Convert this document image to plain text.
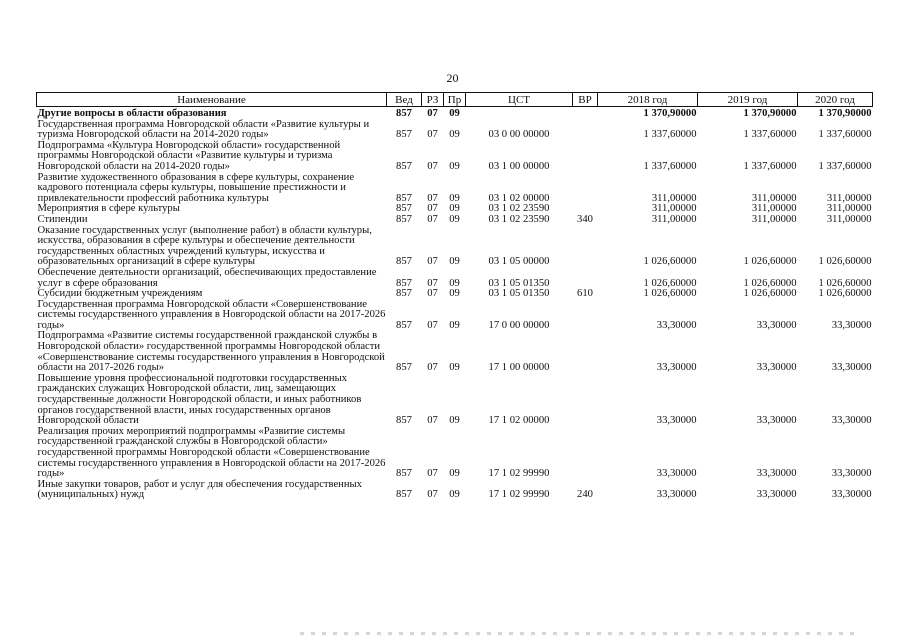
20
Наименование	Вед	РЗ	Пр	ЦСТ	ВР	2018 год	2019 год	2020 год
Другие вопросы в области образования	857	07	09			1 370,90000	1 370,90000	1 370,90000
Государственная программа Новгородской области «Развитие культуры и туризма Новгородской области на 2014-2020 годы»	857	07	09	03 0 00 00000		1 337,60000	1 337,60000	1 337,60000
Подпрограмма «Культура Новгородской области» государственной программы Новгородской области «Развитие культуры и туризма Новгородской области на 2014-2020 годы»	857	07	09	03 1 00 00000		1 337,60000	1 337,60000	1 337,60000
Развитие художественного образования в сфере культуры, сохранение кадрового потенциала сферы культуры, повышение престижности и привлекательности профессий работника культуры	857	07	09	03 1 02 00000		311,00000	311,00000	311,00000
Мероприятия в сфере культуры	857	07	09	03 1 02 23590		311,00000	311,00000	311,00000
Стипендии	857	07	09	03 1 02 23590	340	311,00000	311,00000	311,00000
Оказание государственных услуг (выполнение работ) в области культуры, искусства, образования в сфере культуры и обеспечение деятельности государственных областных учреждений культуры, искусства и образовательных организаций в сфере культуры	857	07	09	03 1 05 00000		1 026,60000	1 026,60000	1 026,60000
Обеспечение деятельности организаций, обеспечивающих предоставление услуг в сфере образования	857	07	09	03 1 05 01350		1 026,60000	1 026,60000	1 026,60000
Субсидии бюджетным учреждениям	857	07	09	03 1 05 01350	610	1 026,60000	1 026,60000	1 026,60000
Государственная программа Новгородской области «Совершенствование системы государственного управления в Новгородской области на 2017-2026 годы»	857	07	09	17 0 00 00000		33,30000	33,30000	33,30000
Подпрограмма «Развитие системы государственной гражданской службы в Новгородской области» государственной программы Новгородской области «Совершенствование системы государственного управления в Новгородской области на 2017-2026 годы»	857	07	09	17 1 00 00000		33,30000	33,30000	33,30000
Повышение уровня профессиональной подготовки государственных гражданских служащих Новгородской области, лиц, замещающих государственные должности Новгородской области, и иных работников органов государственной власти, иных государственных органов Новгородской области	857	07	09	17 1 02 00000		33,30000	33,30000	33,30000
Реализация прочих мероприятий подпрограммы «Развитие системы государственной гражданской службы в Новгородской области» государственной программы Новгородской области «Совершенствование системы государственного управления в Новгородской области на 2017-2026 годы»	857	07	09	17 1 02 99990		33,30000	33,30000	33,30000
Иные закупки товаров, работ и услуг для обеспечения государственных (муниципальных) нужд	857	07	09	17 1 02 99990	240	33,30000	33,30000	33,30000
